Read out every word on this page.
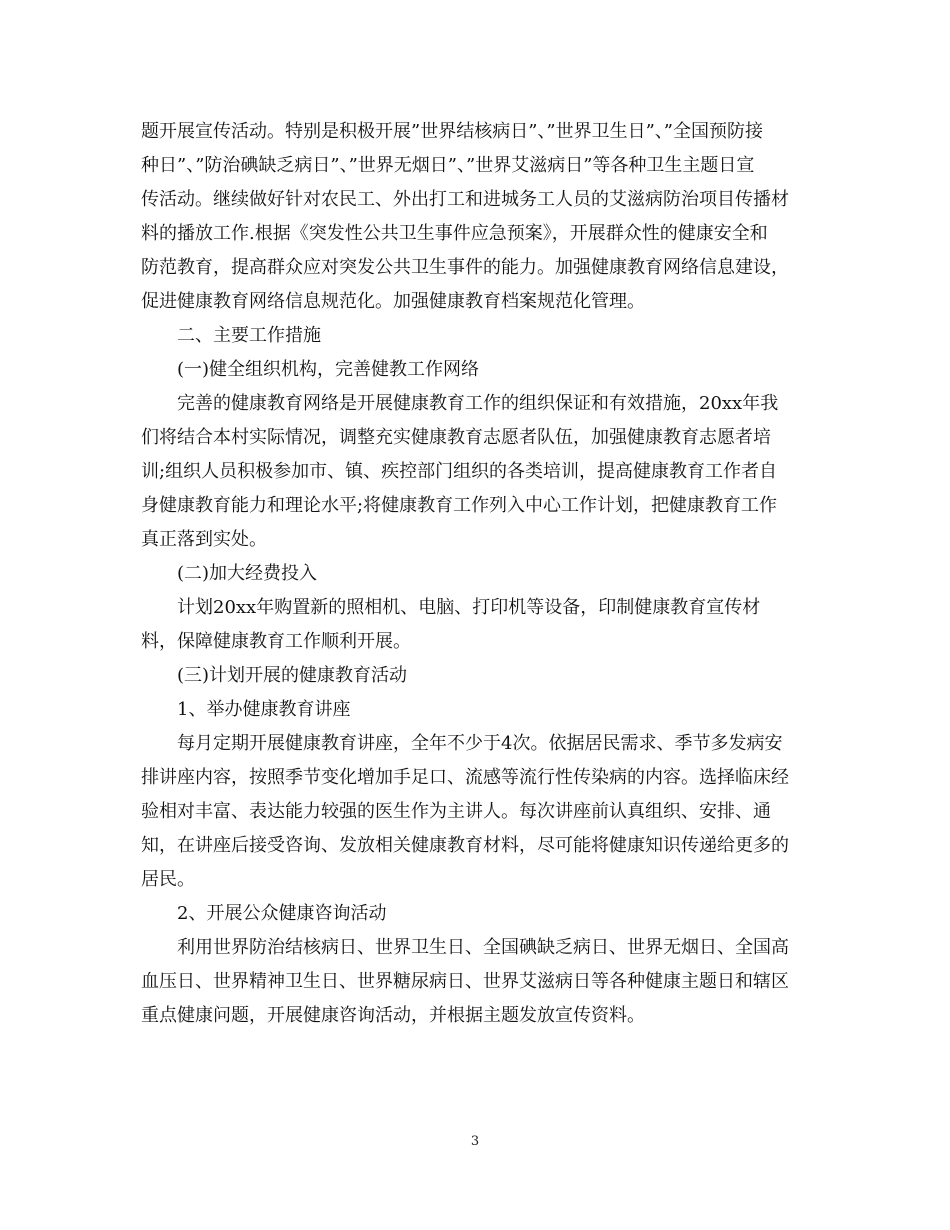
题开展宣传活动。特别是积极开展”世界结核病日”、”世界卫生日”、”全国预防接
种日”、”防治碘缺乏病日”、”世界无烟日”、”世界艾滋病日”等各种卫生主题日宣
传活动。继续做好针对农民工、外出打工和进城务工人员的艾滋病防治项目传播材
料的播放工作.根据《突发性公共卫生事件应急预案》，开展群众性的健康安全和
防范教育，提高群众应对突发公共卫生事件的能力。加强健康教育网络信息建设，
促进健康教育网络信息规范化。加强健康教育档案规范化管理。
二、主要工作措施
(一)健全组织机构，完善健教工作网络
完善的健康教育网络是开展健康教育工作的组织保证和有效措施，20xx年我
们将结合本村实际情况，调整充实健康教育志愿者队伍，加强健康教育志愿者培
训;组织人员积极参加市、镇、疾控部门组织的各类培训，提高健康教育工作者自
身健康教育能力和理论水平;将健康教育工作列入中心工作计划，把健康教育工作
真正落到实处。
(二)加大经费投入
计划20xx年购置新的照相机、电脑、打印机等设备，印制健康教育宣传材
料，保障健康教育工作顺利开展。
(三)计划开展的健康教育活动
1、举办健康教育讲座
每月定期开展健康教育讲座，全年不少于4次。依据居民需求、季节多发病安
排讲座内容，按照季节变化增加手足口、流感等流行性传染病的内容。选择临床经
验相对丰富、表达能力较强的医生作为主讲人。每次讲座前认真组织、安排、通
知，在讲座后接受咨询、发放相关健康教育材料，尽可能将健康知识传递给更多的
居民。
2、开展公众健康咨询活动
利用世界防治结核病日、世界卫生日、全国碘缺乏病日、世界无烟日、全国高
血压日、世界精神卫生日、世界糖尿病日、世界艾滋病日等各种健康主题日和辖区
重点健康问题，开展健康咨询活动，并根据主题发放宣传资料。
3
